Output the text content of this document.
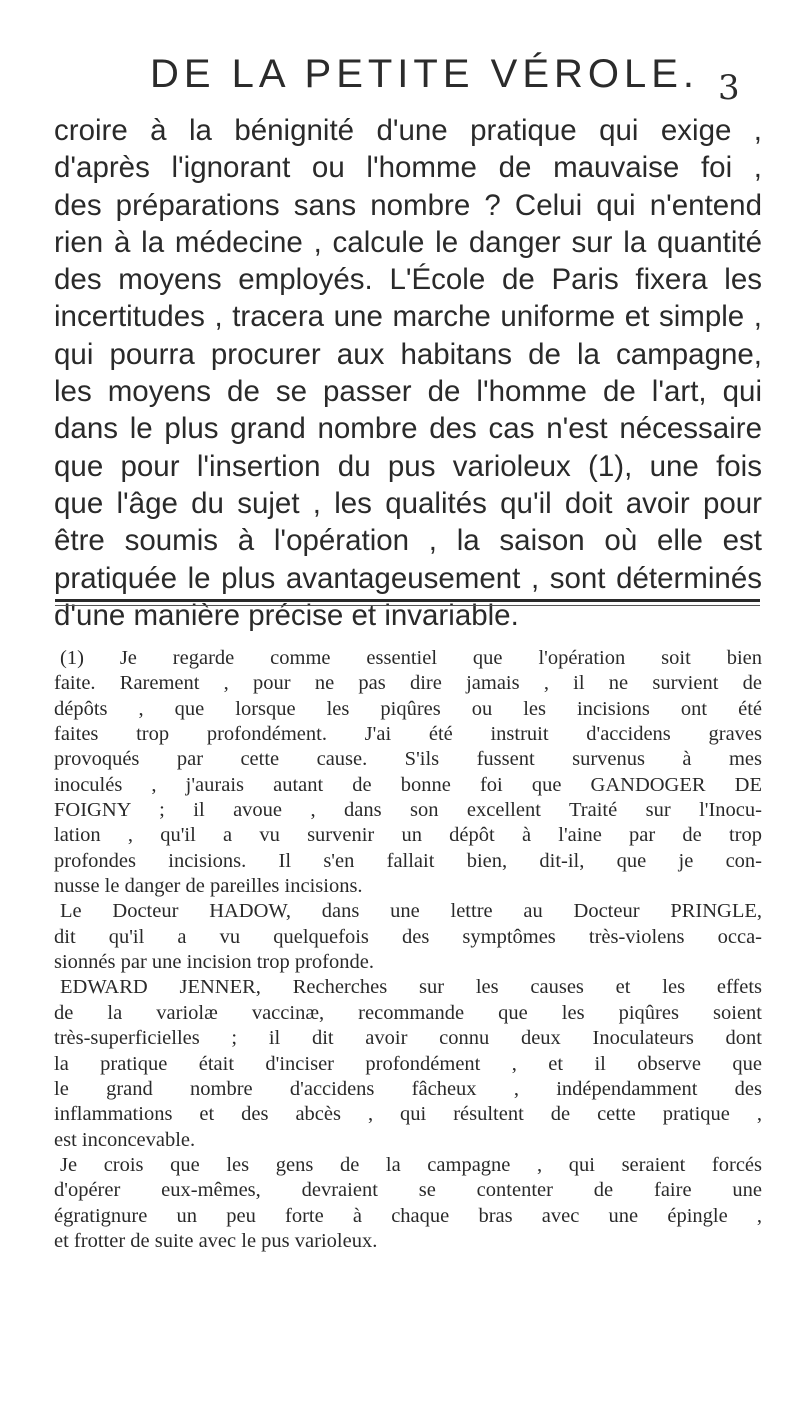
DE LA PETITE VÉROLE. 3
croire à la bénignité d'une pratique qui exige ,
d'après l'ignorant ou l'homme de mauvaise foi ,
des préparations sans nombre ? Celui qui n'entend
rien à la médecine , calcule le danger sur la quantité
des moyens employés. L'École de Paris fixera les
incertitudes , tracera une marche uniforme et simple ,
qui pourra procurer aux habitans de la campagne,
les moyens de se passer de l'homme de l'art, qui
dans le plus grand nombre des cas n'est nécessaire
que pour l'insertion du pus varioleux (1), une fois
que l'âge du sujet , les qualités qu'il doit avoir pour
être soumis à l'opération , la saison où elle est
pratiquée le plus avantageusement , sont déterminés
d'une manière précise et invariable.
(1) Je regarde comme essentiel que l'opération soit bien
faite. Rarement , pour ne pas dire jamais , il ne survient de
dépôts , que lorsque les piqûres ou les incisions ont été
faites trop profondément. J'ai été instruit d'accidens graves
provoqués par cette cause. S'ils fussent survenus à mes
inoculés , j'aurais autant de bonne foi que GANDOGER DE
FOIGNY ; il avoue , dans son excellent Traité sur l'Inocu-
lation , qu'il a vu survenir un dépôt à l'aine par de trop
profondes incisions. Il s'en fallait bien, dit-il, que je con-
nusse le danger de pareilles incisions.
Le Docteur HADOW, dans une lettre au Docteur PRINGLE,
dit qu'il a vu quelquefois des symptômes très-violens occa-
sionnés par une incision trop profonde.
EDWARD JENNER, Recherches sur les causes et les effets
de la variolæ vaccinæ, recommande que les piqûres soient
très-superficielles ; il dit avoir connu deux Inoculateurs dont
la pratique était d'inciser profondément , et il observe que
le grand nombre d'accidens fâcheux , indépendamment des
inflammations et des abcès , qui résultent de cette pratique ,
est inconcevable.
Je crois que les gens de la campagne , qui seraient forcés
d'opérer eux-mêmes, devraient se contenter de faire une
égratignure un peu forte à chaque bras avec une épingle ,
et frotter de suite avec le pus varioleux.
